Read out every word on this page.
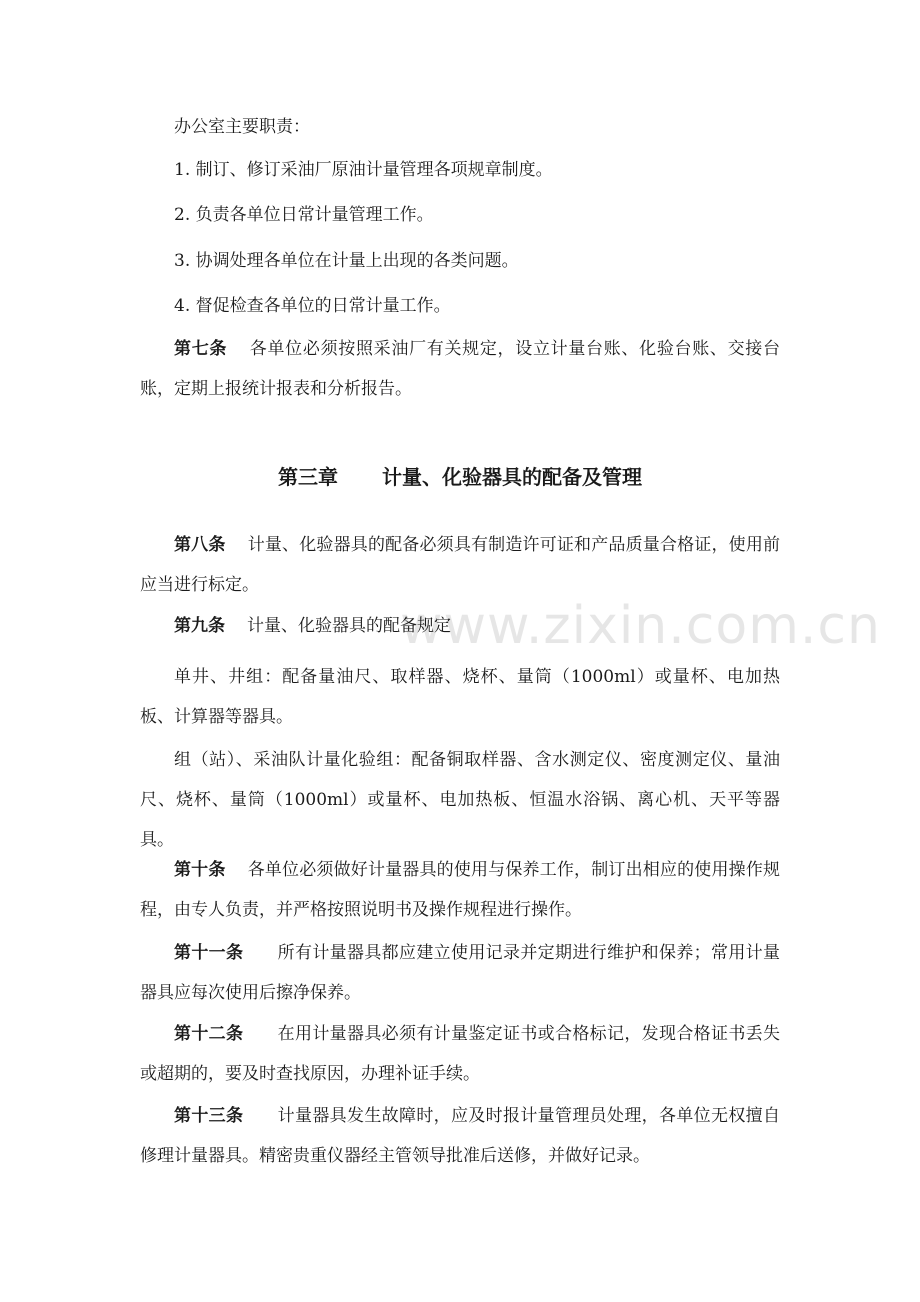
www.zixin.com.cn
办公室主要职责：
1. 制订、修订采油厂原油计量管理各项规章制度。
2. 负责各单位日常计量管理工作。
3. 协调处理各单位在计量上出现的各类问题。
4. 督促检查各单位的日常计量工作。
第七条 各单位必须按照采油厂有关规定，设立计量台账、化验台账、交接台账，定期上报统计报表和分析报告。
第三章 计量、化验器具的配备及管理
第八条 计量、化验器具的配备必须具有制造许可证和产品质量合格证，使用前应当进行标定。
第九条 计量、化验器具的配备规定
单井、井组：配备量油尺、取样器、烧杯、量筒（1000ml）或量杯、电加热板、计算器等器具。
组（站）、采油队计量化验组：配备铜取样器、含水测定仪、密度测定仪、量油尺、烧杯、量筒（1000ml）或量杯、电加热板、恒温水浴锅、离心机、天平等器具。
第十条 各单位必须做好计量器具的使用与保养工作，制订出相应的使用操作规程，由专人负责，并严格按照说明书及操作规程进行操作。
第十一条 所有计量器具都应建立使用记录并定期进行维护和保养；常用计量器具应每次使用后擦净保养。
第十二条 在用计量器具必须有计量鉴定证书或合格标记，发现合格证书丢失或超期的，要及时查找原因，办理补证手续。
第十三条 计量器具发生故障时，应及时报计量管理员处理，各单位无权擅自修理计量器具。精密贵重仪器经主管领导批准后送修，并做好记录。
